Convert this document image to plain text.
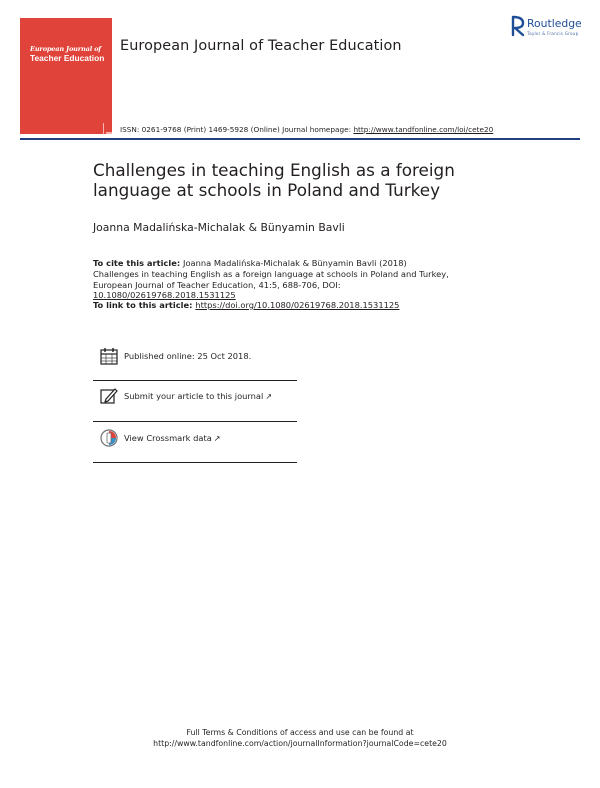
European Journal of
Teacher Education
European Journal of Teacher Education
Routledge
Taylor & Francis Group
ISSN: 0261-9768 (Print) 1469-5928 (Online) Journal homepage: http://www.tandfonline.com/loi/cete20
Challenges in teaching English as a foreign language at schools in Poland and Turkey
Joanna Madalińska-Michalak & Bünyamin Bavli
To cite this article: Joanna Madalińska-Michalak & Bünyamin Bavli (2018) Challenges in teaching English as a foreign language at schools in Poland and Turkey, European Journal of Teacher Education, 41:5, 688-706, DOI: 10.1080/02619768.2018.1531125
To link to this article: https://doi.org/10.1080/02619768.2018.1531125
Published online: 25 Oct 2018.
Submit your article to this journal ↗
View Crossmark data ↗
Full Terms & Conditions of access and use can be found at
http://www.tandfonline.com/action/journalInformation?journalCode=cete20
